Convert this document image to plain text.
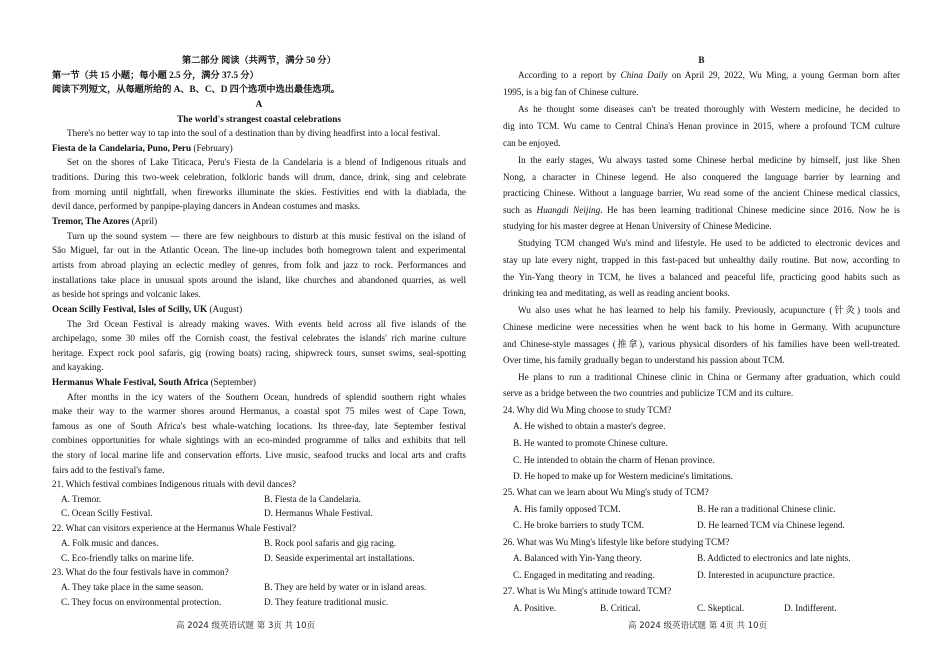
第二部分 阅读（共两节，满分 50 分）
第一节（共 15 小题；每小题 2.5 分，满分 37.5 分）
阅读下列短文，从每题所给的 A、B、C、D 四个选项中选出最佳选项。
A
The world's strangest coastal celebrations
There's no better way to tap into the soul of a destination than by diving headfirst into a local festival.
Fiesta de la Candelaria, Puno, Peru (February)
Set on the shores of Lake Titicaca, Peru's Fiesta de la Candelaria is a blend of Indigenous rituals and
traditions. During this two-week celebration, folkloric bands will drum, dance, drink, sing and celebrate
from morning until nightfall, when fireworks illuminate the skies. Festivities end with la diablada, the
devil dance, performed by panpipe-playing dancers in Andean costumes and masks.
Tremor, The Azores (April)
Turn up the sound system — there are few neighbours to disturb at this music festival on the island of
São Miguel, far out in the Atlantic Ocean. The line-up includes both homegrown talent and experimental
artists from abroad playing an eclectic medley of genres, from folk and jazz to rock. Performances and
installations take place in unusual spots around the island, like churches and abandoned quarries, as well
as beside hot springs and volcanic lakes.
Ocean Scilly Festival, Isles of Scilly, UK (August)
The 3rd Ocean Festival is already making waves. With events held across all five islands of the
archipelago, some 30 miles off the Cornish coast, the festival celebrates the islands' rich marine culture
heritage. Expect rock pool safaris, gig (rowing boats) racing, shipwreck tours, sunset swims, seal-spotting
and kayaking.
Hermanus Whale Festival, South Africa (September)
After months in the icy waters of the Southern Ocean, hundreds of splendid southern right whales
make their way to the warmer shores around Hermanus, a coastal spot 75 miles west of Cape Town,
famous as one of South Africa's best whale-watching locations. Its three-day, late September festival
combines opportunities for whale sightings with an eco-minded programme of talks and exhibits that tell
the story of local marine life and conservation efforts. Live music, seafood trucks and local arts and crafts
fairs add to the festival's fame.
21. Which festival combines Indigenous rituals with devil dances?
A. Tremor.	B. Fiesta de la Candelaria.
C. Ocean Scilly Festival.	D. Hermanus Whale Festival.
22. What can visitors experience at the Hermanus Whale Festival?
A. Folk music and dances.	B. Rock pool safaris and gig racing.
C. Eco-friendly talks on marine life.	D. Seaside experimental art installations.
23. What do the four festivals have in common?
A. They take place in the same season.	B. They are held by water or in island areas.
C. They focus on environmental protection.	D. They feature traditional music.
高 2024 级英语试题 第 3页 共 10页
B
According to a report by China Daily on April 29, 2022, Wu Ming, a young German born after
1995, is a big fan of Chinese culture.
As he thought some diseases can't be treated thoroughly with Western medicine, he decided to
dig into TCM. Wu came to Central China's Henan province in 2015, where a profound TCM culture
can be enjoyed.
In the early stages, Wu always tasted some Chinese herbal medicine by himself, just like Shen
Nong, a character in Chinese legend. He also conquered the language barrier by learning and
practicing Chinese. Without a language barrier, Wu read some of the ancient Chinese medical classics,
such as Huangdi Neijing. He has been learning traditional Chinese medicine since 2016. Now he is
studying for his master degree at Henan University of Chinese Medicine.
Studying TCM changed Wu's mind and lifestyle. He used to be addicted to electronic devices and
stay up late every night, trapped in this fast-paced but unhealthy daily routine. But now, according to
the Yin-Yang theory in TCM, he lives a balanced and peaceful life, practicing good habits such as
drinking tea and meditating, as well as reading ancient books.
Wu also uses what he has learned to help his family. Previously, acupuncture (针灸) tools and
Chinese medicine were necessities when he went back to his home in Germany. With acupuncture
and Chinese-style massages (推拿), various physical disorders of his families have been well-treated.
Over time, his family gradually began to understand his passion about TCM.
He plans to run a traditional Chinese clinic in China or Germany after graduation, which could
serve as a bridge between the two countries and publicize TCM and its culture.
24. Why did Wu Ming choose to study TCM?
A. He wished to obtain a master's degree.
B. He wanted to promote Chinese culture.
C. He intended to obtain the charm of Henan province.
D. He hoped to make up for Western medicine's limitations.
25. What can we learn about Wu Ming's study of TCM?
A. His family opposed TCM.	B. He ran a traditional Chinese clinic.
C. He broke barriers to study TCM.	D. He learned TCM via Chinese legend.
26. What was Wu Ming's lifestyle like before studying TCM?
A. Balanced with Yin-Yang theory.	B. Addicted to electronics and late nights.
C. Engaged in meditating and reading.	D. Interested in acupuncture practice.
27. What is Wu Ming's attitude toward TCM?
A. Positive.	B. Critical.	C. Skeptical.	D. Indifferent.
高 2024 级英语试题 第 4页 共 10页
